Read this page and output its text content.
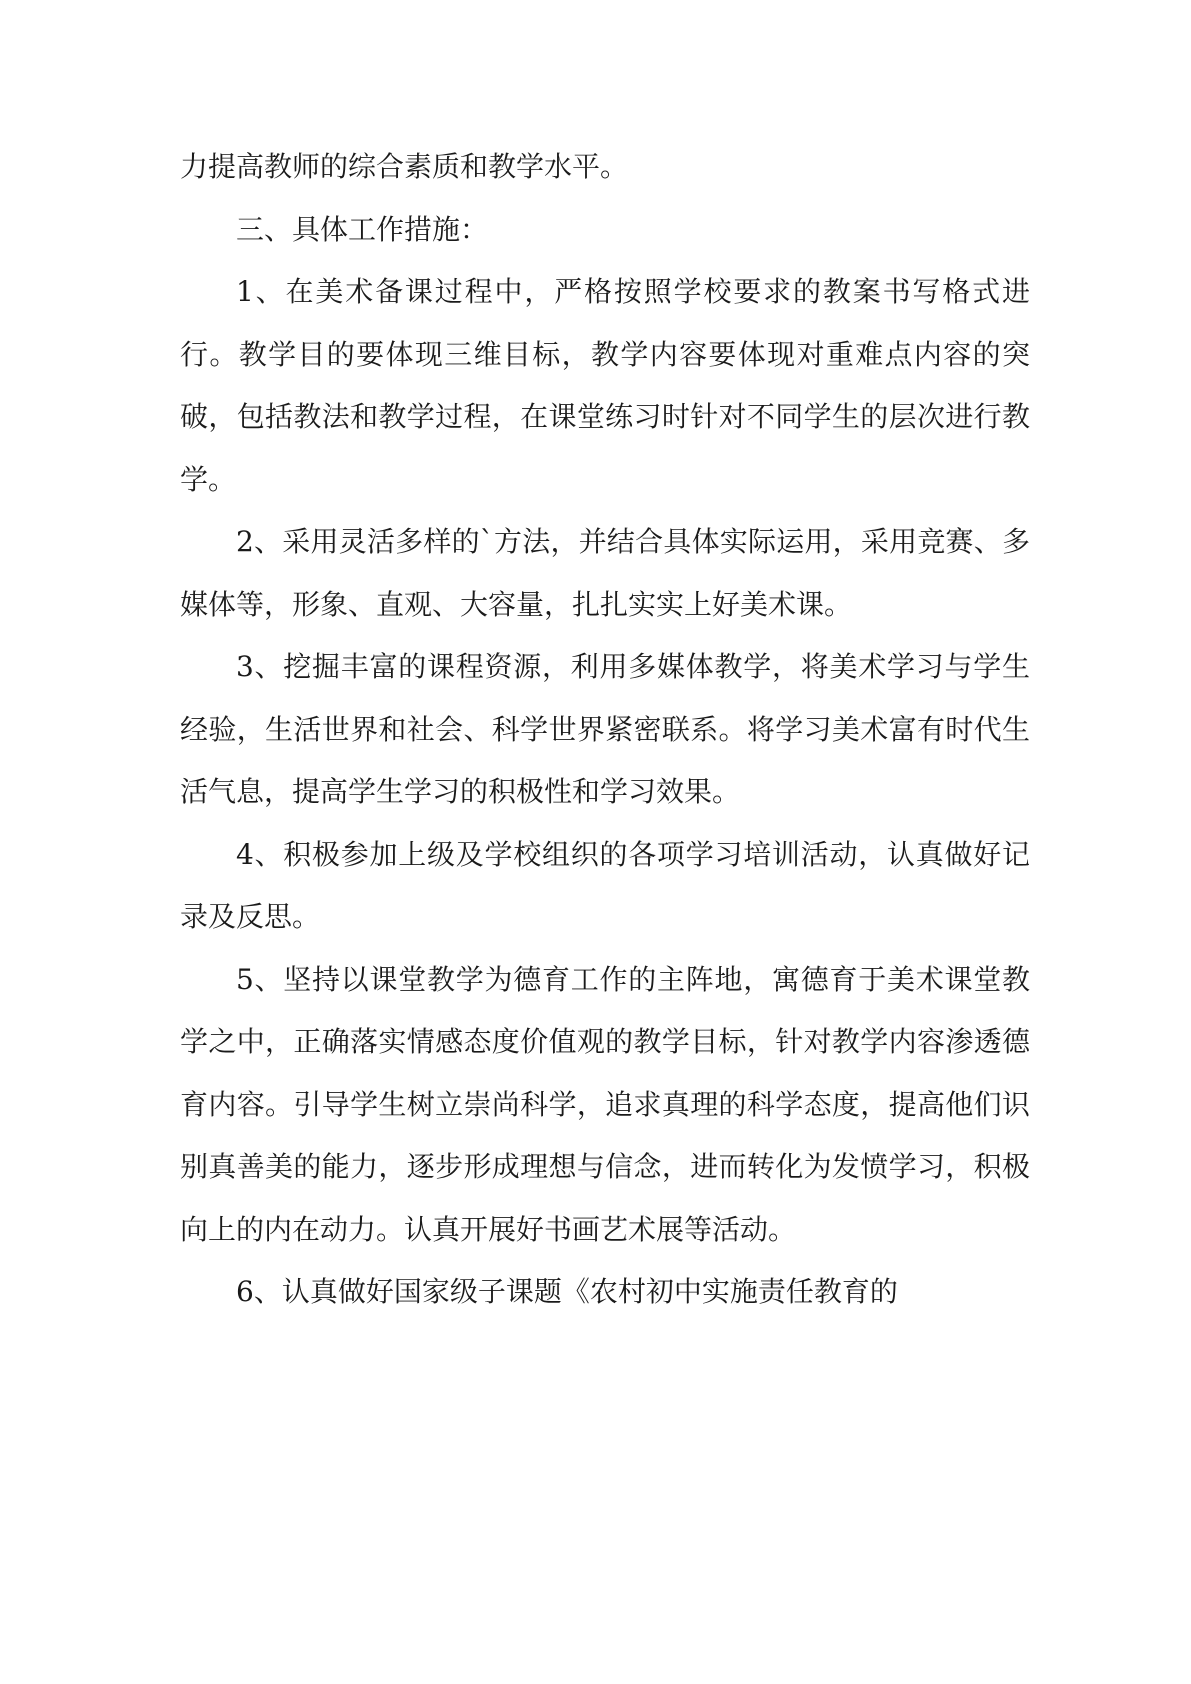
力提高教师的综合素质和教学水平。

三、具体工作措施：

1、在美术备课过程中，严格按照学校要求的教案书写格式进行。教学目的要体现三维目标，教学内容要体现对重难点内容的突破，包括教法和教学过程，在课堂练习时针对不同学生的层次进行教学。

2、采用灵活多样的`方法，并结合具体实际运用，采用竞赛、多媒体等，形象、直观、大容量，扎扎实实上好美术课。

3、挖掘丰富的课程资源，利用多媒体教学，将美术学习与学生经验，生活世界和社会、科学世界紧密联系。将学习美术富有时代生活气息，提高学生学习的积极性和学习效果。

4、积极参加上级及学校组织的各项学习培训活动，认真做好记录及反思。

5、坚持以课堂教学为德育工作的主阵地，寓德育于美术课堂教学之中，正确落实情感态度价值观的教学目标，针对教学内容渗透德育内容。引导学生树立崇尚科学，追求真理的科学态度，提高他们识别真善美的能力，逐步形成理想与信念，进而转化为发愤学习，积极向上的内在动力。认真开展好书画艺术展等活动。

6、认真做好国家级子课题《农村初中实施责任教育的
